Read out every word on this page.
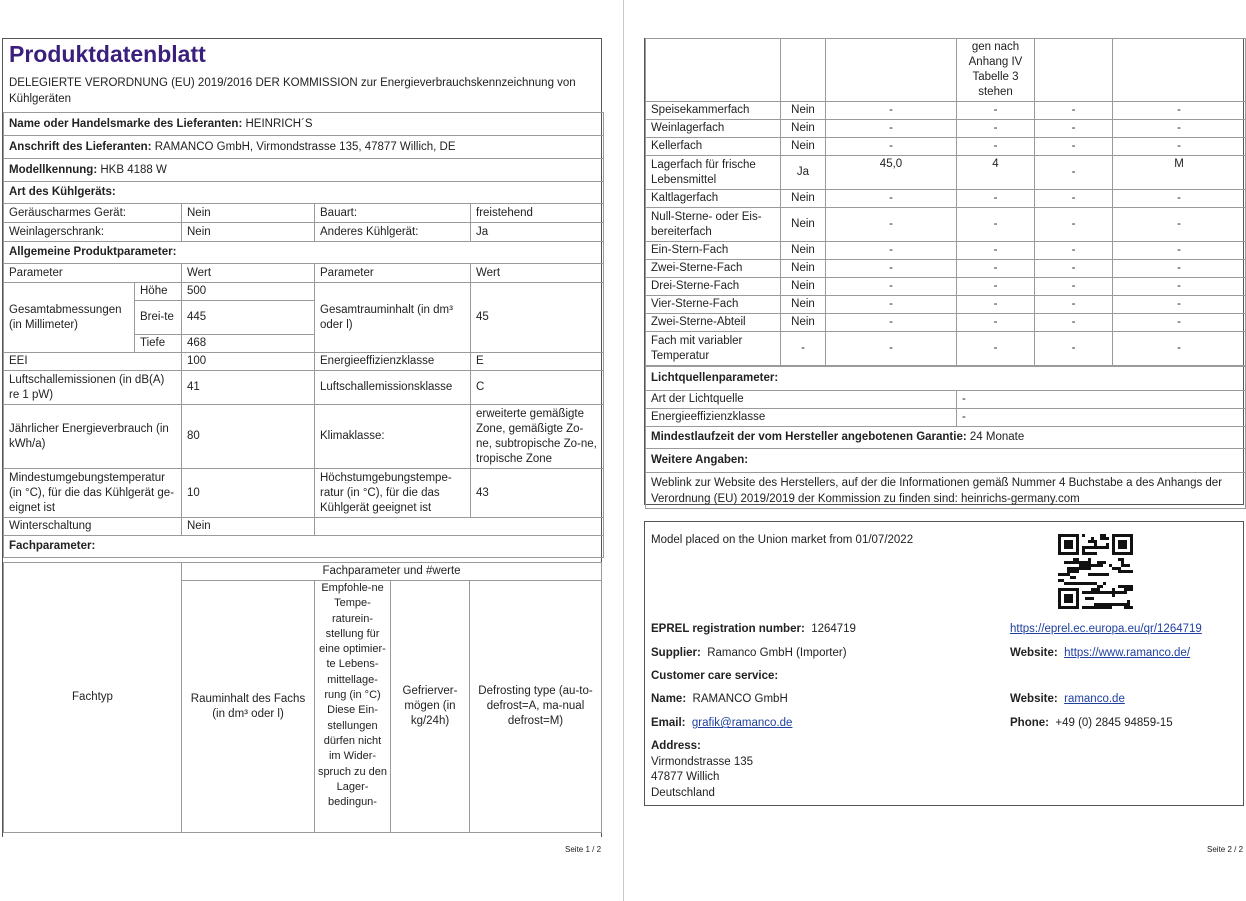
Produktdatenblatt
DELEGIERTE VERORDNUNG (EU) 2019/2016 DER KOMMISSION zur Energieverbrauchskennzeichnung von Kühlgeräten
Name oder Handelsmarke des Lieferanten: HEINRICH´S				
Anschrift des Lieferanten: RAMANCO GmbH, Virmondstrasse 135, 47877 Willich, DE				
Modellkennung: HKB 4188 W				
Art des Kühlgeräts:				
Geräuscharmes Gerät:		Nein	Bauart:	freistehend
Weinlagerschrank:		Nein	Anderes Kühlgerät:	Ja
Allgemeine Produktparameter:				
Parameter		Wert	Parameter	Wert
Gesamtabmessungen (in Millimeter)	Höhe	500	Gesamtrauminhalt (in dm³ oder l)	45
	Brei-te	445		
	Tiefe	468		
EEI		100	Energieeffizienzklasse	E
Luftschallemissionen (in dB(A) re 1 pW)		41	Luftschallemissionsklasse	C
Jährlicher Energieverbrauch (in kWh/a)		80	Klimaklasse:	erweiterte gemäßigte Zone, gemäßigte Zo-ne, subtropische Zo-ne, tropische Zone
Mindestumgebungstemperatur (in °C), für die das Kühlgerät ge-eignet ist		10	Höchstumgebungstempe-ratur (in °C), für die das Kühlgerät geeignet ist	43
Winterschaltung		Nein		
Fachparameter:				
Fachtyp	Fachparameter und #werte			
	Rauminhalt des Fachs (in dm³ oder l)	Empfohle-ne Tempe-raturein-stellung für eine optimier-te Lebens-mittellage-rung (in °C) Diese Ein-stellungen dürfen nicht im Wider-spruch zu den Lager-bedingun-	Gefrierver-mögen (in kg/24h)	Defrosting type (au-to-defrost=A, ma-nual defrost=M)
Seite 1 / 2
			gen nach Anhang IV Tabelle 3 stehen		
Speisekammerfach	Nein	-	-	-	-
Weinlagerfach	Nein	-	-	-	-
Kellerfach	Nein	-	-	-	-
Lagerfach für frische Lebensmittel	Ja	45,0	4	-	M
Kaltlagerfach	Nein	-	-	-	-
Null-Sterne- oder Eis-bereiterfach	Nein	-	-	-	-
Ein-Stern-Fach	Nein	-	-	-	-
Zwei-Sterne-Fach	Nein	-	-	-	-
Drei-Sterne-Fach	Nein	-	-	-	-
Vier-Sterne-Fach	Nein	-	-	-	-
Zwei-Sterne-Abteil	Nein	-	-	-	-
Fach mit variabler Temperatur	-	-	-	-	-
Lichtquellenparameter:	
Art der Lichtquelle	-
Energieeffizienzklasse	-
Mindestlaufzeit der vom Hersteller angebotenen Garantie: 24 Monate	
Weitere Angaben:	
Weblink zur Website des Herstellers, auf der die Informationen gemäß Nummer 4 Buchstabe a des Anhangs der Verordnung (EU) 2019/2019 der Kommission zu finden sind: heinrichs-germany.com	
Model placed on the Union market from 01/07/2022
EPREL registration number: 1264719	https://eprel.ec.europa.eu/qr/1264719
Supplier: Ramanco GmbH (Importer)	Website: https://www.ramanco.de/
Customer care service:
Name: RAMANCO GmbH	Website: ramanco.de
Email: grafik@ramanco.de	Phone: +49 (0) 2845 94859-15
Address:
Virmondstrasse 135
47877 Willich
Deutschland
Seite 2 / 2
